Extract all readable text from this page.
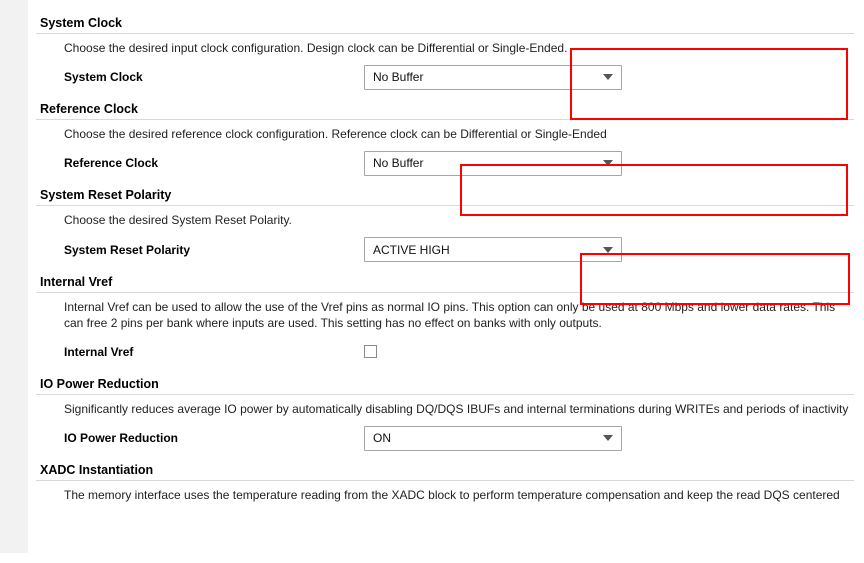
System Clock
Choose the desired input clock configuration. Design clock can be Differential or Single-Ended.
System Clock	No Buffer
Reference Clock
Choose the desired reference clock configuration. Reference clock can be Differential or Single-Ended
Reference Clock	No Buffer
System Reset Polarity
Choose the desired System Reset Polarity.
System Reset Polarity	ACTIVE HIGH
Internal Vref
Internal Vref can be used to allow the use of the Vref pins as normal IO pins. This option can only be used at 800 Mbps and lower data rates. This can free 2 pins per bank where inputs are used. This setting has no effect on banks with only outputs.
Internal Vref
IO Power Reduction
Significantly reduces average IO power by automatically disabling DQ/DQS IBUFs and internal terminations during WRITEs and periods of inactivity
IO Power Reduction	ON
XADC Instantiation
The memory interface uses the temperature reading from the XADC block to perform temperature compensation and keep the read DQS centered
